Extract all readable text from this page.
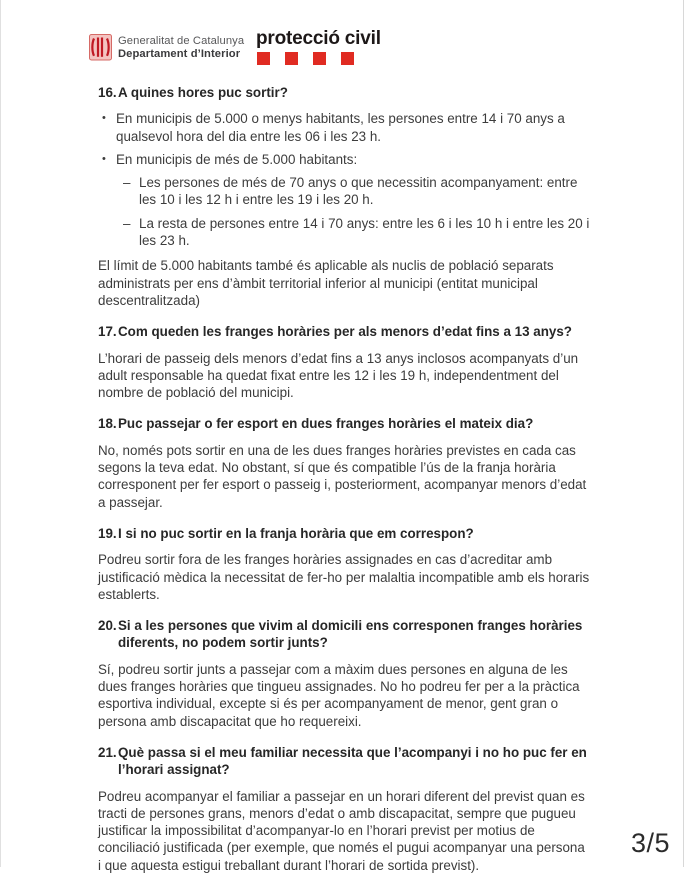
Generalitat de Catalunya
Departament d’Interior
protecció civil
16. A quines hores puc sortir?
• En municipis de 5.000 o menys habitants, les persones entre 14 i 70 anys a qualsevol hora del dia entre les 06 i les 23 h.
• En municipis de més de 5.000 habitants:
– Les persones de més de 70 anys o que necessitin acompanyament: entre les 10 i les 12 h i entre les 19 i les 20 h.
– La resta de persones entre 14 i 70 anys: entre les 6 i les 10 h i entre les 20 i les 23 h.
El límit de 5.000 habitants també és aplicable als nuclis de població separats administrats per ens d’àmbit territorial inferior al municipi (entitat municipal descentralitzada)
17. Com queden les franges horàries per als menors d’edat fins a 13 anys?
L’horari de passeig dels menors d’edat fins a 13 anys inclosos acompanyats d’un adult responsable ha quedat fixat entre les 12 i les 19 h, independentment del nombre de població del municipi.
18. Puc passejar o fer esport en dues franges horàries el mateix dia?
No, només pots sortir en una de les dues franges horàries previstes en cada cas segons la teva edat. No obstant, sí que és compatible l’ús de la franja horària corresponent per fer esport o passeig i, posteriorment, acompanyar menors d’edat a passejar.
19. I si no puc sortir en la franja horària que em correspon?
Podreu sortir fora de les franges horàries assignades en cas d’acreditar amb justificació mèdica la necessitat de fer-ho per malaltia incompatible amb els horaris establerts.
20. Si a les persones que vivim al domicili ens corresponen franges horàries diferents, no podem sortir junts?
Sí, podreu sortir junts a passejar com a màxim dues persones en alguna de les dues franges horàries que tingueu assignades. No ho podreu fer per a la pràctica esportiva individual, excepte si és per acompanyament de menor, gent gran o persona amb discapacitat que ho requereixi.
21. Què passa si el meu familiar necessita que l’acompanyi i no ho puc fer en l’horari assignat?
Podreu acompanyar el familiar a passejar en un horari diferent del previst quan es tracti de persones grans, menors d’edat o amb discapacitat, sempre que pugueu justificar la impossibilitat d’acompanyar-lo en l’horari previst per motius de conciliació justificada (per exemple, que només el pugui acompanyar una persona i que aquesta estigui treballant durant l’horari de sortida previst).
3/5
